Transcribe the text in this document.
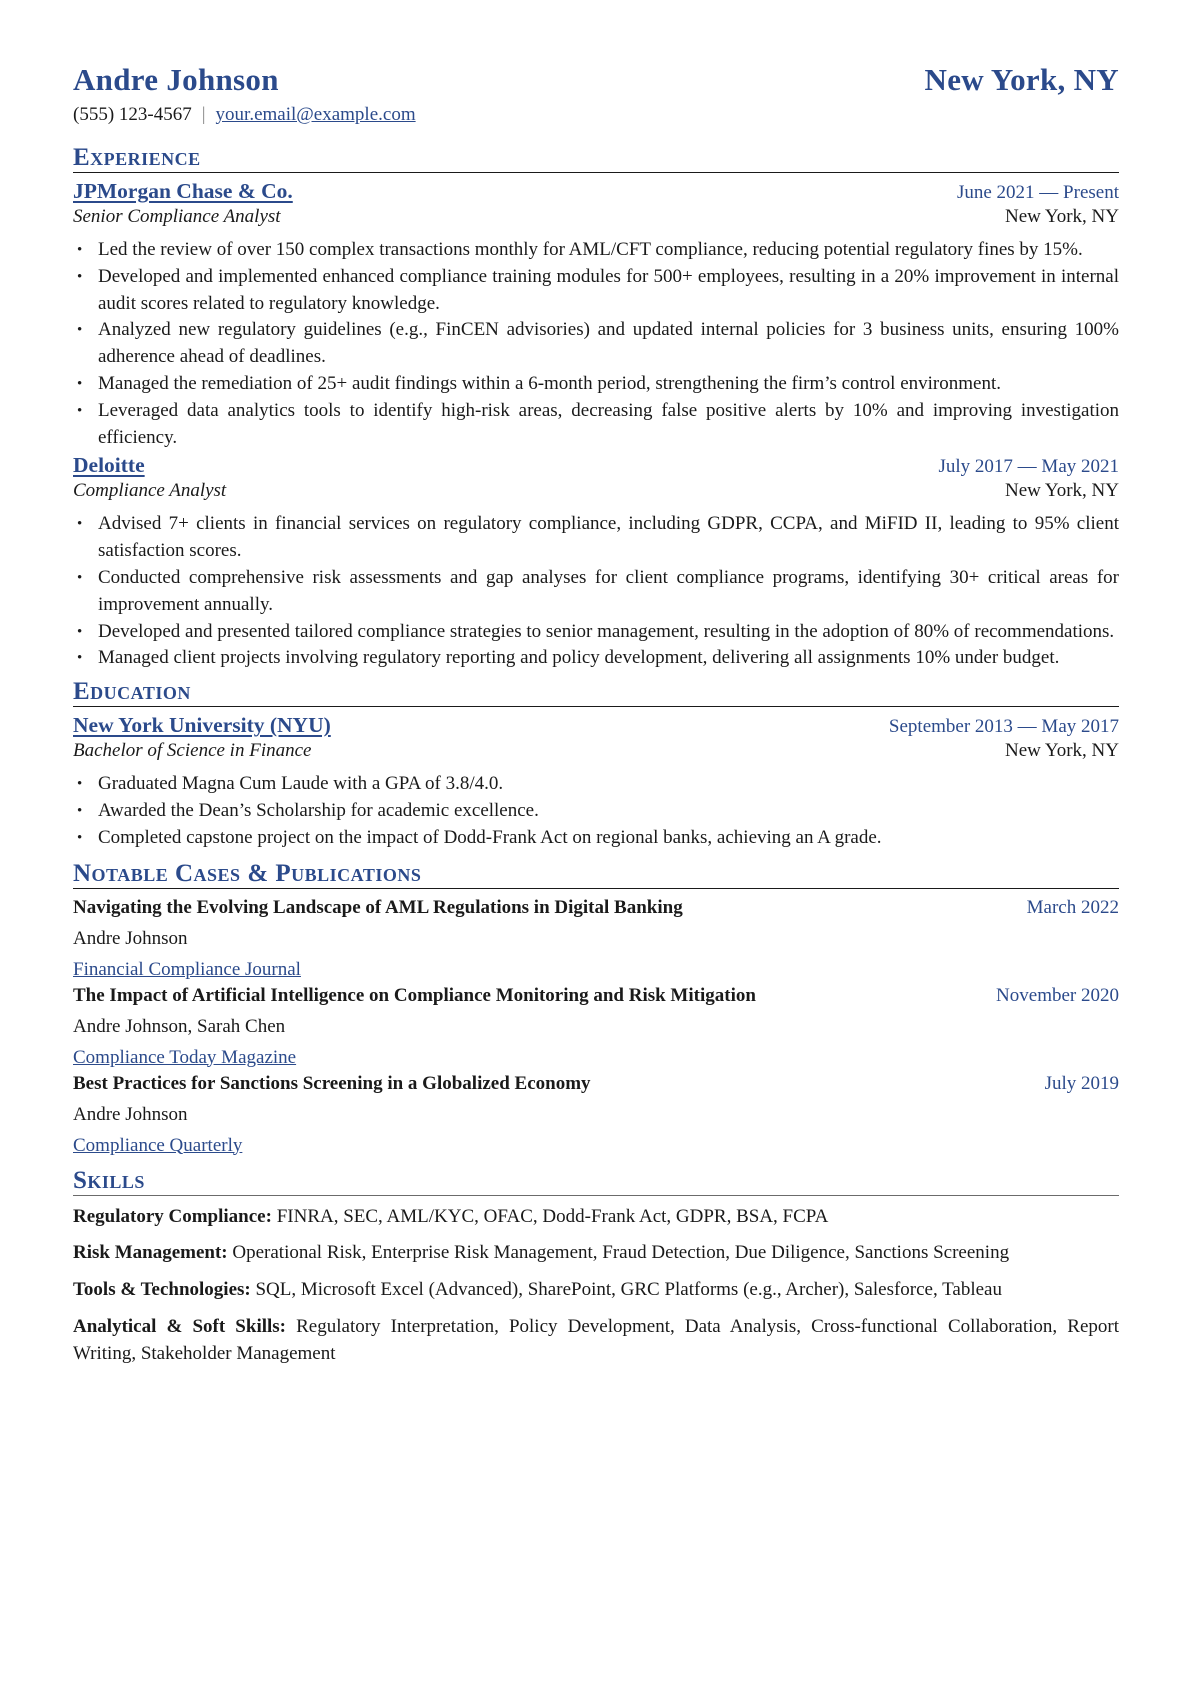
Andre Johnson	New York, NY
(555) 123-4567 | your.email@example.com
Experience
JPMorgan Chase & Co.	June 2021 — Present
Senior Compliance Analyst	New York, NY
• Led the review of over 150 complex transactions monthly for AML/CFT compliance, reducing potential regulatory fines by 15%.
• Developed and implemented enhanced compliance training modules for 500+ employees, resulting in a 20% improvement in internal audit scores related to regulatory knowledge.
• Analyzed new regulatory guidelines (e.g., FinCEN advisories) and updated internal policies for 3 business units, ensuring 100% adherence ahead of deadlines.
• Managed the remediation of 25+ audit findings within a 6-month period, strengthening the firm’s control environment.
• Leveraged data analytics tools to identify high-risk areas, decreasing false positive alerts by 10% and improving investigation efficiency.
Deloitte	July 2017 — May 2021
Compliance Analyst	New York, NY
• Advised 7+ clients in financial services on regulatory compliance, including GDPR, CCPA, and MiFID II, leading to 95% client satisfaction scores.
• Conducted comprehensive risk assessments and gap analyses for client compliance programs, identifying 30+ critical areas for improvement annually.
• Developed and presented tailored compliance strategies to senior management, resulting in the adoption of 80% of recommendations.
• Managed client projects involving regulatory reporting and policy development, delivering all assignments 10% under budget.
Education
New York University (NYU)	September 2013 — May 2017
Bachelor of Science in Finance	New York, NY
• Graduated Magna Cum Laude with a GPA of 3.8/4.0.
• Awarded the Dean’s Scholarship for academic excellence.
• Completed capstone project on the impact of Dodd-Frank Act on regional banks, achieving an A grade.
Notable Cases & Publications
Navigating the Evolving Landscape of AML Regulations in Digital Banking	March 2022
Andre Johnson
Financial Compliance Journal
The Impact of Artificial Intelligence on Compliance Monitoring and Risk Mitigation	November 2020
Andre Johnson, Sarah Chen
Compliance Today Magazine
Best Practices for Sanctions Screening in a Globalized Economy	July 2019
Andre Johnson
Compliance Quarterly
Skills
Regulatory Compliance: FINRA, SEC, AML/KYC, OFAC, Dodd-Frank Act, GDPR, BSA, FCPA
Risk Management: Operational Risk, Enterprise Risk Management, Fraud Detection, Due Diligence, Sanctions Screening
Tools & Technologies: SQL, Microsoft Excel (Advanced), SharePoint, GRC Platforms (e.g., Archer), Salesforce, Tableau
Analytical & Soft Skills: Regulatory Interpretation, Policy Development, Data Analysis, Cross-functional Collaboration, Report Writing, Stakeholder Management
